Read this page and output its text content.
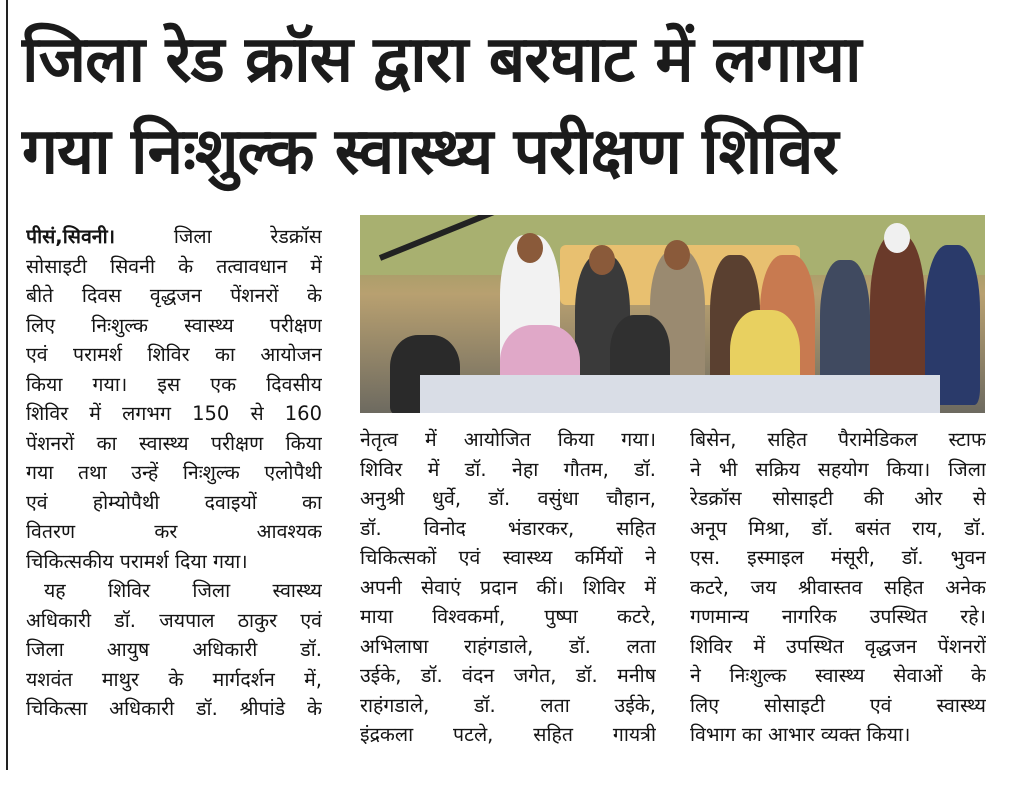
जिला रेड क्रॉस द्वारा बरघाट में लगाया
गया निःशुल्क स्वास्थ्य परीक्षण शिविर
पीसं,सिवनी। जिला रेडक्रॉस
सोसाइटी सिवनी के तत्वावधान में
बीते दिवस वृद्धजन पेंशनरों के
लिए निःशुल्क स्वास्थ्य परीक्षण
एवं परामर्श शिविर का आयोजन
किया गया। इस एक दिवसीय
शिविर में लगभग 150 से 160
पेंशनरों का स्वास्थ्य परीक्षण किया
गया तथा उन्हें निःशुल्क एलोपैथी
एवं होम्योपैथी दवाइयों का
वितरण कर आवश्यक
चिकित्सकीय परामर्श दिया गया।
यह शिविर जिला स्वास्थ्य
अधिकारी डॉ. जयपाल ठाकुर एवं
जिला आयुष अधिकारी डॉ.
यशवंत माथुर के मार्गदर्शन में,
चिकित्सा अधिकारी डॉ. श्रीपांडे के
नेतृत्व में आयोजित किया गया।
शिविर में डॉ. नेहा गौतम, डॉ.
अनुश्री धुर्वे, डॉ. वसुंधा चौहान,
डॉ. विनोद भंडारकर, सहित
चिकित्सकों एवं स्वास्थ्य कर्मियों ने
अपनी सेवाएं प्रदान कीं। शिविर में
माया विश्वकर्मा, पुष्पा कटरे,
अभिलाषा राहंगडाले, डॉ. लता
उईके, डॉ. वंदन जगेत, डॉ. मनीष
राहंगडाले, डॉ. लता उईके,
इंद्रकला पटले, सहित गायत्री
बिसेन, सहित पैरामेडिकल स्टाफ
ने भी सक्रिय सहयोग किया। जिला
रेडक्रॉस सोसाइटी की ओर से
अनूप मिश्रा, डॉ. बसंत राय, डॉ.
एस. इस्माइल मंसूरी, डॉ. भुवन
कटरे, जय श्रीवास्तव सहित अनेक
गणमान्य नागरिक उपस्थित रहे।
शिविर में उपस्थित वृद्धजन पेंशनरों
ने निःशुल्क स्वास्थ्य सेवाओं के
लिए सोसाइटी एवं स्वास्थ्य
विभाग का आभार व्यक्त किया।
